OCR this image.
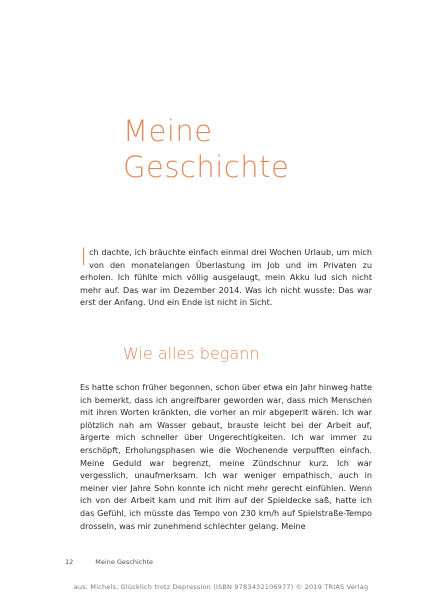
Meine
Geschichte
I ch dachte, ich bräuchte einfach einmal drei Wochen Urlaub, um mich von den monatelangen Überlastung im Job und im Privaten zu erholen. Ich fühlte mich völlig ausgelaugt, mein Akku lud sich nicht mehr auf. Das war im Dezember 2014. Was ich nicht wusste: Das war erst der Anfang. Und ein Ende ist nicht in Sicht.
Wie alles begann
Es hatte schon früher begonnen, schon über etwa ein Jahr hinweg hatte ich bemerkt, dass ich angreifbarer geworden war, dass mich Menschen mit ihren Worten kränkten, die vorher an mir abgeperlt wären. Ich war plötzlich nah am Wasser gebaut, brauste leicht bei der Arbeit auf, ärgerte mich schneller über Ungerechtigkeiten. Ich war immer zu erschöpft, Erholungsphasen wie die Wochenende verpufften einfach. Meine Geduld war begrenzt, meine Zündschnur kurz. Ich war vergesslich, unaufmerksam. Ich war weniger empathisch, auch in meiner vier Jahre Sohn konnte ich nicht mehr gerecht einfühlen. Wenn ich von der Arbeit kam und mit ihm auf der Spieldecke saß, hatte ich das Gefühl, ich müsste das Tempo von 230 km/h auf Spielstraße-Tempo drosseln, was mir zunehmend schlechter gelang. Meine
12	Meine Geschichte
aus: Michels, Glücklich trotz Depression (ISBN 9783432106977) © 2019 TRIAS Verlag
